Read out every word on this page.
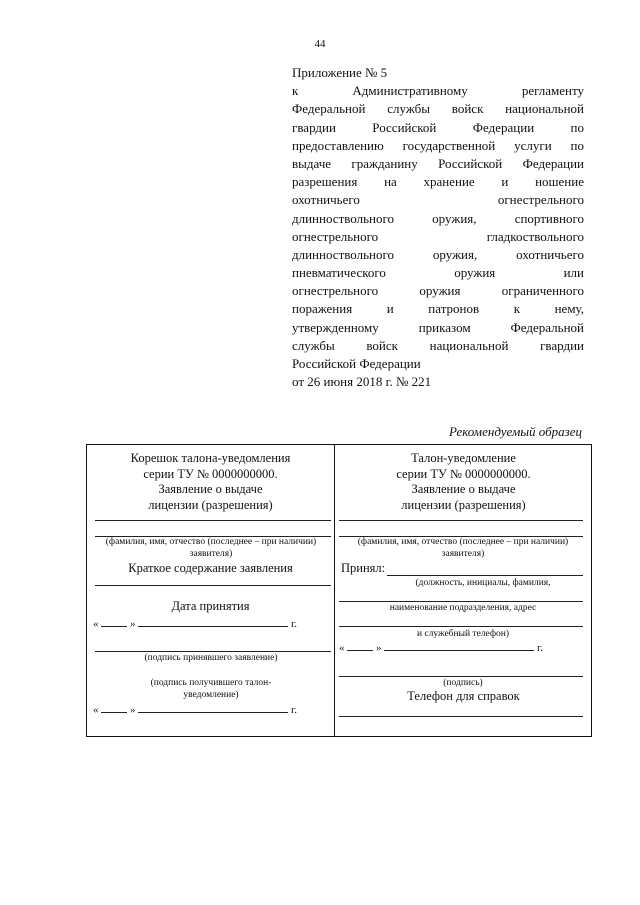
44
Приложение № 5
к Административному регламенту
Федеральной службы войск национальной
гвардии Российской Федерации по
предоставлению государственной услуги по
выдаче гражданину Российской Федерации
разрешения на хранение и ношение
охотничьего огнестрельного
длинноствольного оружия, спортивного
огнестрельного гладкоствольного
длинноствольного оружия, охотничьего
пневматического оружия или
огнестрельного оружия ограниченного
поражения и патронов к нему,
утвержденному приказом Федеральной
службы войск национальной гвардии
Российской Федерации
от 26 июня 2018 г. № 221
Рекомендуемый образец
Корешок талона-уведомления
серии ТУ № 0000000000.
Заявление о выдаче
лицензии (разрешения)
(фамилия, имя, отчество (последнее – при наличии) заявителя)
Краткое содержание заявления
Дата принятия
«	»	г.
(подпись принявшего заявление)
(подпись получившего талон-уведомление)
«	»	г.
Талон-уведомление
серии ТУ № 0000000000.
Заявление о выдаче
лицензии (разрешения)
(фамилия, имя, отчество (последнее – при наличии) заявителя)
Принял:
(должность, инициалы, фамилия,
наименование подразделения, адрес
и служебный телефон)
«	»	г.
(подпись)
Телефон для справок
